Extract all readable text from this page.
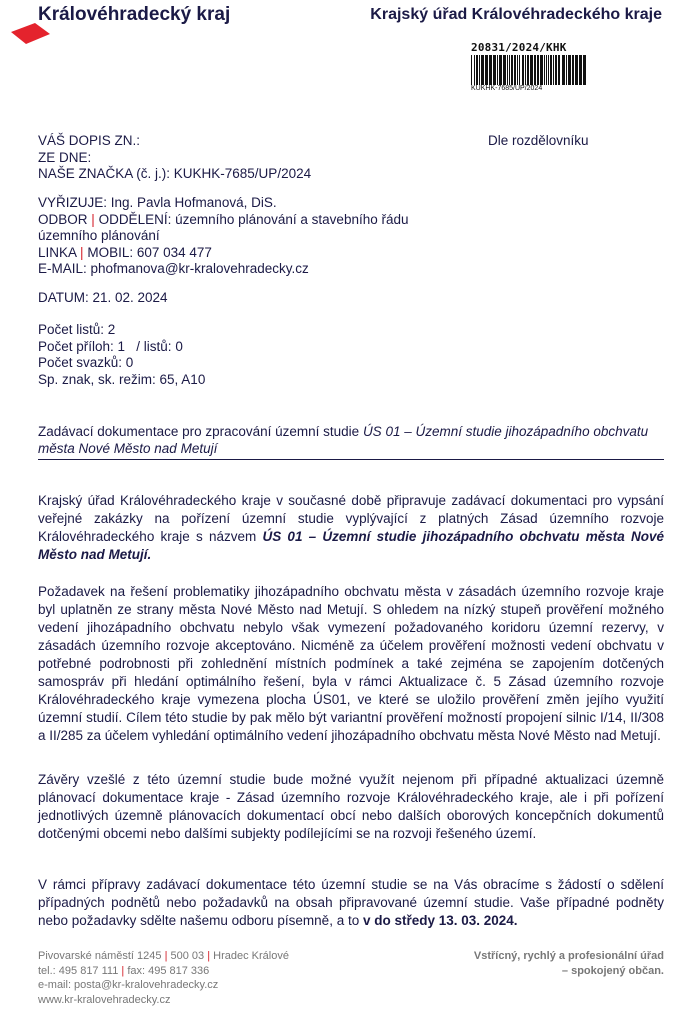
Královéhradecký kraj	Krajský úřad Královéhradeckého kraje
20831/2024/KHK
KUKHK-7685/UP/2024
Dle rozdělovníku
VÁŠ DOPIS ZN.:
ZE DNE:
NAŠE ZNAČKA (č. j.): KUKHK-7685/UP/2024
VYŘIZUJE: Ing. Pavla Hofmanová, DiS.
ODBOR | ODDĚLENÍ: územního plánování a stavebního řádu
územního plánování
LINKA | MOBIL: 607 034 477
E-MAIL: phofmanova@kr-kralovehradecky.cz
DATUM: 21. 02. 2024
Počet listů: 2
Počet příloh: 1   / listů: 0
Počet svazků: 0
Sp. znak, sk. režim: 65, A10
Zadávací dokumentace pro zpracování územní studie ÚS 01 – Územní studie jihozápadního obchvatu města Nové Město nad Metují
Krajský úřad Královéhradeckého kraje v současné době připravuje zadávací dokumentaci pro vypsání veřejné zakázky na pořízení územní studie vyplývající z platných Zásad územního rozvoje Královéhradeckého kraje s názvem ÚS 01 – Územní studie jihozápadního obchvatu města Nové Město nad Metují.
Požadavek na řešení problematiky jihozápadního obchvatu města v zásadách územního rozvoje kraje byl uplatněn ze strany města Nové Město nad Metují. S ohledem na nízký stupeň prověření možného vedení jihozápadního obchvatu nebylo však vymezení požadovaného koridoru územní rezervy, v zásadách územního rozvoje akceptováno. Nicméně za účelem prověření možnosti vedení obchvatu v potřebné podrobnosti při zohlednění místních podmínek a také zejména se zapojením dotčených samospráv při hledání optimálního řešení, byla v rámci Aktualizace č. 5 Zásad územního rozvoje Královéhradeckého kraje vymezena plocha ÚS01, ve které se uložilo prověření změn jejího využití územní studií. Cílem této studie by pak mělo být variantní prověření možností propojení silnic I/14, II/308 a II/285 za účelem vyhledání optimálního vedení jihozápadního obchvatu města Nové Město nad Metují.
Závěry vzešlé z této územní studie bude možné využít nejenom při případné aktualizaci územně plánovací dokumentace kraje - Zásad územního rozvoje Královéhradeckého kraje, ale i při pořízení jednotlivých územně plánovacích dokumentací obcí nebo dalších oborových koncepčních dokumentů dotčenými obcemi nebo dalšími subjekty podílejícími se na rozvoji řešeného území.
V rámci přípravy zadávací dokumentace této územní studie se na Vás obracíme s žádostí o sdělení případných podnětů nebo požadavků na obsah připravované územní studie. Vaše případné podněty nebo požadavky sdělte našemu odboru písemně, a to v do středy 13. 03. 2024.
Pivovarské náměstí 1245 | 500 03 | Hradec Králové
tel.: 495 817 111 | fax: 495 817 336
e-mail: posta@kr-kralovehradecky.cz
www.kr-kralovehradecky.cz
Vstřícný, rychlý a profesionální úřad
– spokojený občan.
